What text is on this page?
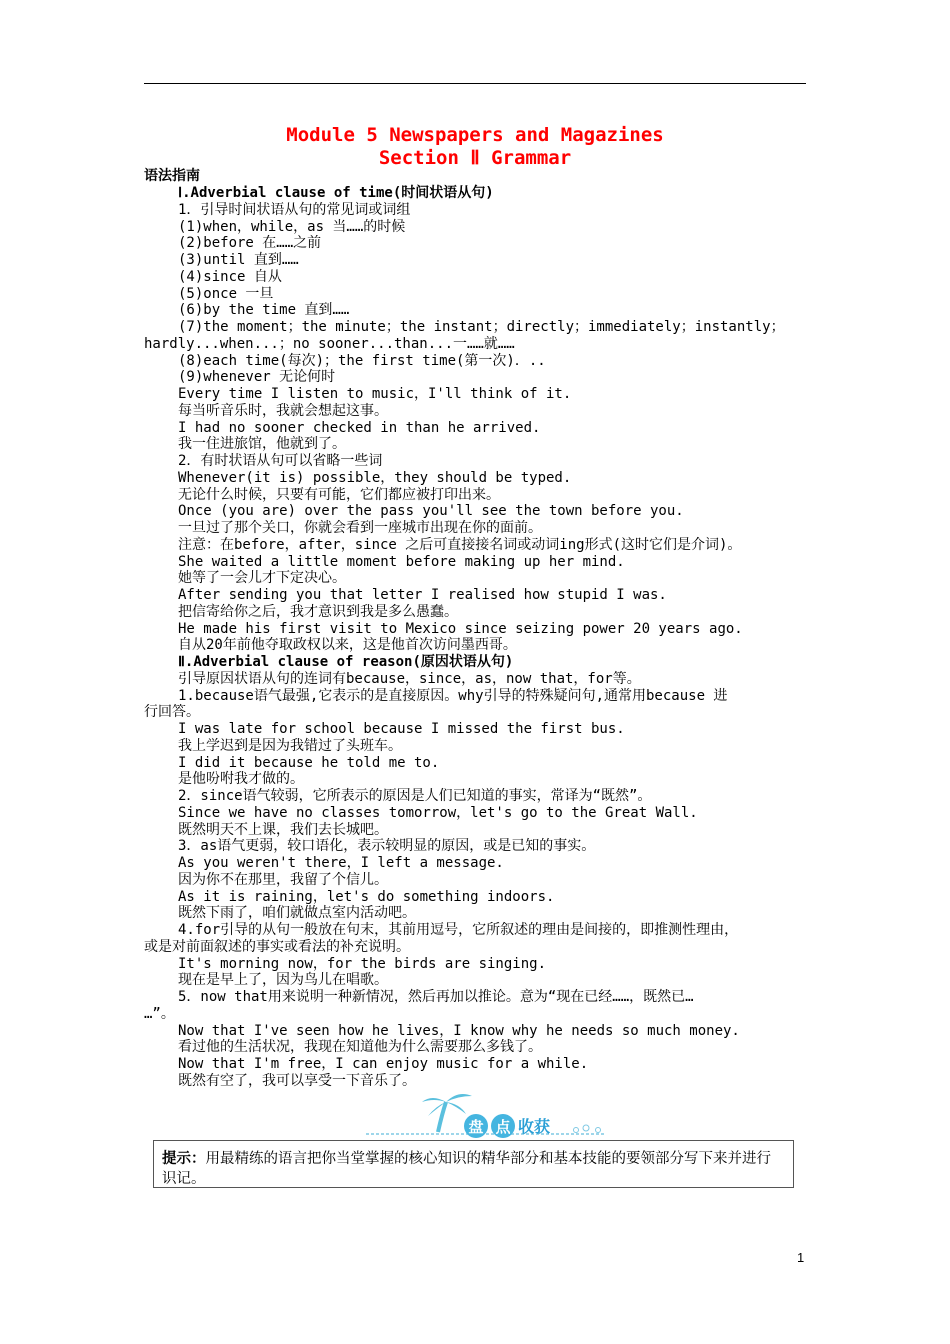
Module 5 Newspapers and Magazines
Section Ⅱ Grammar
语法指南
Ⅰ.Adverbial clause of time(时间状语从句)
1．引导时间状语从句的常见词或词组
(1)when，while，as 当……的时候
(2)before 在……之前
(3)until 直到……
(4)since 自从
(5)once 一旦
(6)by the time 直到……
(7)the moment；the minute；the instant；directly；immediately；instantly；
hardly...when...；no sooner...than...一……就……
(8)each time(每次)；the first time(第一次)．..
(9)whenever 无论何时
Every time I listen to music，I'll think of it.
每当听音乐时，我就会想起这事。
I had no sooner checked in than he arrived.
我一住进旅馆，他就到了。
2．有时状语从句可以省略一些词
Whenever(it is) possible，they should be typed.
无论什么时候，只要有可能，它们都应被打印出来。
Once (you are) over the pass you'll see the town before you.
一旦过了那个关口，你就会看到一座城市出现在你的面前。
注意：在before，after，since 之后可直接接名词或动词ing形式(这时它们是介词)。
She waited a little moment before making up her mind.
她等了一会儿才下定决心。
After sending you that letter I realised how stupid I was.
把信寄给你之后，我才意识到我是多么愚蠢。
He made his first visit to Mexico since seizing power 20 years ago.
自从20年前他夺取政权以来，这是他首次访问墨西哥。
Ⅱ.Adverbial clause of reason(原因状语从句)
引导原因状语从句的连词有because，since，as，now that，for等。
1.because语气最强,它表示的是直接原因。why引导的特殊疑问句,通常用because 进
行回答。
I was late for school because I missed the first bus.
我上学迟到是因为我错过了头班车。
I did it because he told me to.
是他吩咐我才做的。
2．since语气较弱，它所表示的原因是人们已知道的事实，常译为“既然”。
Since we have no classes tomorrow，let's go to the Great Wall.
既然明天不上课，我们去长城吧。
3．as语气更弱，较口语化，表示较明显的原因，或是已知的事实。
As you weren't there，I left a message.
因为你不在那里，我留了个信儿。
As it is raining，let's do something indoors.
既然下雨了，咱们就做点室内活动吧。
4.for引导的从句一般放在句末，其前用逗号，它所叙述的理由是间接的，即推测性理由，
或是对前面叙述的事实或看法的补充说明。
It's morning now，for the birds are singing.
现在是早上了，因为鸟儿在唱歌。
5．now that用来说明一种新情况，然后再加以推论。意为“现在已经……，既然已…
…”。
Now that I've seen how he lives，I know why he needs so much money.
看过他的生活状况，我现在知道他为什么需要那么多钱了。
Now that I'm free，I can enjoy music for a while.
既然有空了，我可以享受一下音乐了。
盘 点 收获
提示：用最精练的语言把你当堂掌握的核心知识的精华部分和基本技能的要领部分写下来并进行识记。
1
